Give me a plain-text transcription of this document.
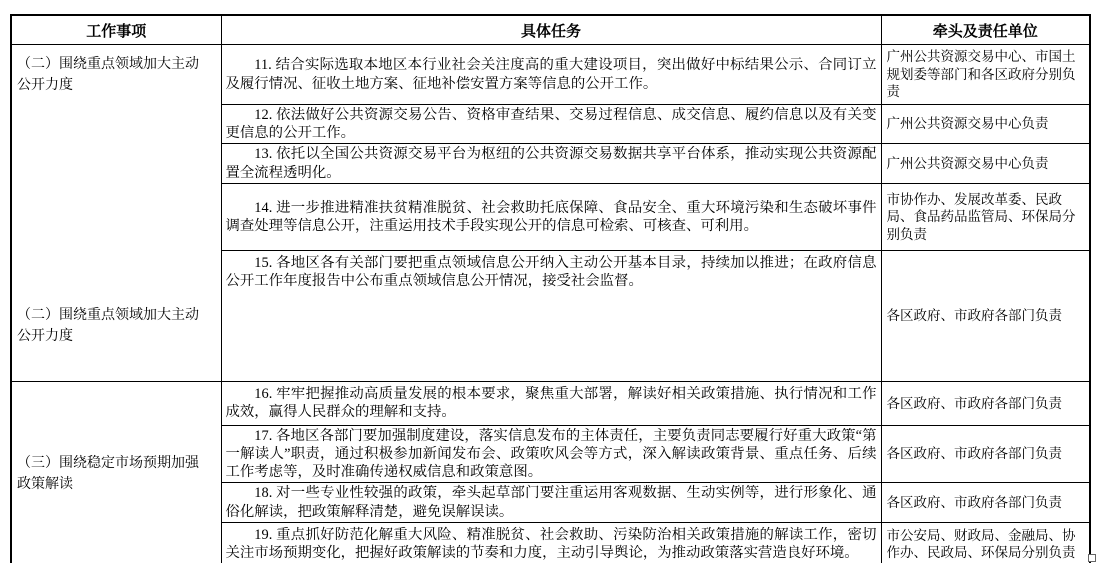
工作事项	具体任务	牵头及责任单位

（二）围绕重点领域加大主动公开力度
（二）围绕重点领域加大主动公开力度	11. 结合实际选取本地区本行业社会关注度高的重大建设项目，突出做好中标结果公示、合同订立及履行情况、征收土地方案、征地补偿安置方案等信息的公开工作。	广州公共资源交易中心、市国土规划委等部门和各区政府分别负责
	12. 依法做好公共资源交易公告、资格审查结果、交易过程信息、成交信息、履约信息以及有关变更信息的公开工作。	广州公共资源交易中心负责
	13. 依托以全国公共资源交易平台为枢纽的公共资源交易数据共享平台体系，推动实现公共资源配置全流程透明化。	广州公共资源交易中心负责
	14. 进一步推进精准扶贫精准脱贫、社会救助托底保障、食品安全、重大环境污染和生态破坏事件调查处理等信息公开，注重运用技术手段实现公开的信息可检索、可核查、可利用。	市协作办、发展改革委、民政局、食品药品监管局、环保局分别负责
	15. 各地区各有关部门要把重点领域信息公开纳入主动公开基本目录，持续加以推进；在政府信息公开工作年度报告中公布重点领域信息公开情况，接受社会监督。	各区政府、市政府各部门负责

（三）围绕稳定市场预期加强政策解读	16. 牢牢把握推动高质量发展的根本要求，聚焦重大部署，解读好相关政策措施、执行情况和工作成效，赢得人民群众的理解和支持。	各区政府、市政府各部门负责
	17. 各地区各部门要加强制度建设，落实信息发布的主体责任，主要负责同志要履行好重大政策“第一解读人”职责，通过积极参加新闻发布会、政策吹风会等方式，深入解读政策背景、重点任务、后续工作考虑等，及时准确传递权威信息和政策意图。	各区政府、市政府各部门负责
	18. 对一些专业性较强的政策，牵头起草部门要注重运用客观数据、生动实例等，进行形象化、通俗化解读，把政策解释清楚，避免误解误读。	各区政府、市政府各部门负责
	19. 重点抓好防范化解重大风险、精准脱贫、社会救助、污染防治相关政策措施的解读工作，密切关注市场预期变化，把握好政策解读的节奏和力度，主动引导舆论，为推动政策落实营造良好环境。	市公安局、财政局、金融局、协作办、民政局、环保局分别负责
